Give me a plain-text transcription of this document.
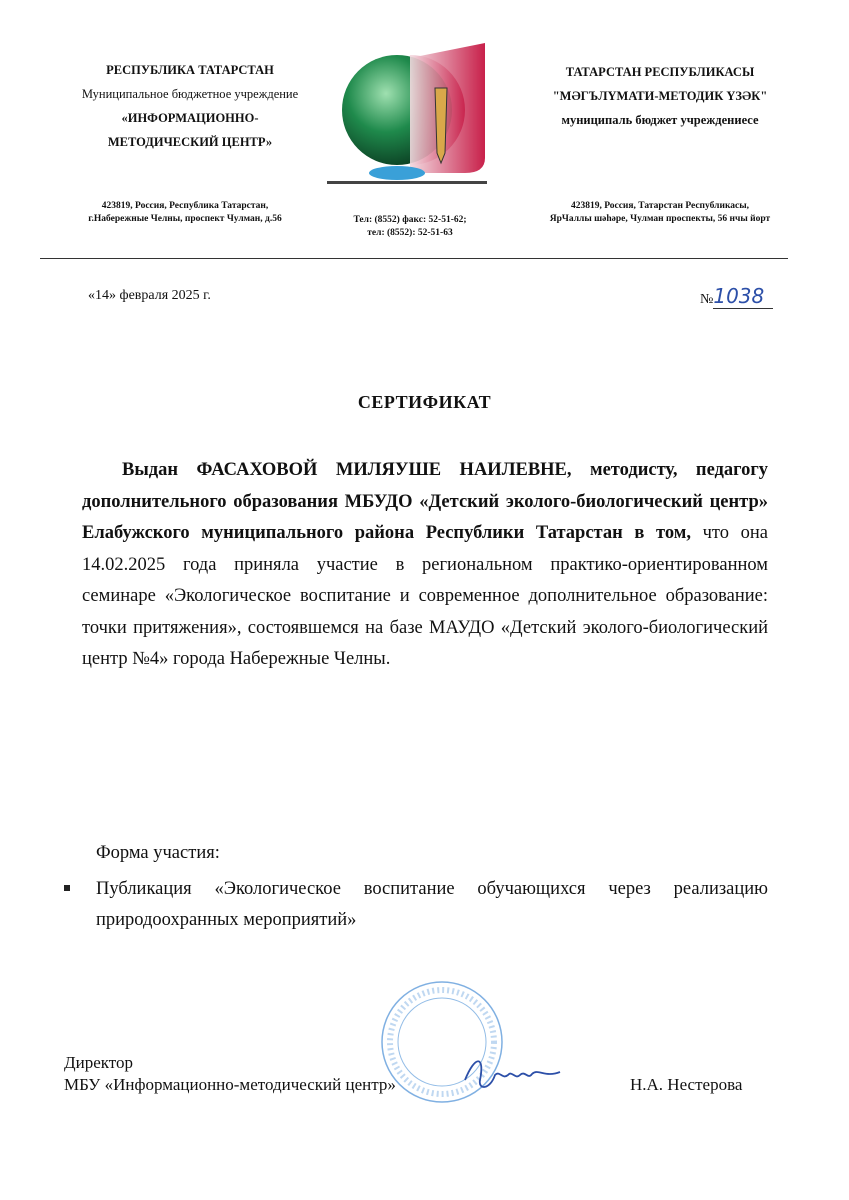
РЕСПУБЛИКА ТАТАРСТАН
Муниципальное бюджетное учреждение
«ИНФОРМАЦИОННО-
МЕТОДИЧЕСКИЙ ЦЕНТР»
423819, Россия, Республика Татарстан,
г.Набережные Челны, проспект Чулман, д.56	Тел: (8552) факс: 52-51-62;
тел: (8552): 52-51-63
ТАТАРСТАН РЕСПУБЛИКАСЫ
"МӘГЪЛҮМАТИ-МЕТОДИК ҮЗӘК"
муниципаль бюджет учреждениесе
423819, Россия, Татарстан Республикасы,
ЯрЧаллы шәһәре, Чулман проспекты, 56 нчы йорт
«14» февраля 2025 г.	№1038
СЕРТИФИКАТ
Выдан ФАСАХОВОЙ МИЛЯУШЕ НАИЛЕВНЕ, методисту, педагогу дополнительного образования МБУДО «Детский эколого-биологический центр» Елабужского муниципального района Республики Татарстан в том, что она 14.02.2025 года приняла участие в региональном практико-ориентированном семинаре «Экологическое воспитание и современное дополнительное образование: точки притяжения», состоявшемся на базе МАУДО «Детский эколого-биологический центр №4» города Набережные Челны.
Форма участия:
Публикация «Экологическое воспитание обучающихся через реализацию природоохранных мероприятий»
Директор
МБУ «Информационно-методический центр»	Н.А. Нестерова
